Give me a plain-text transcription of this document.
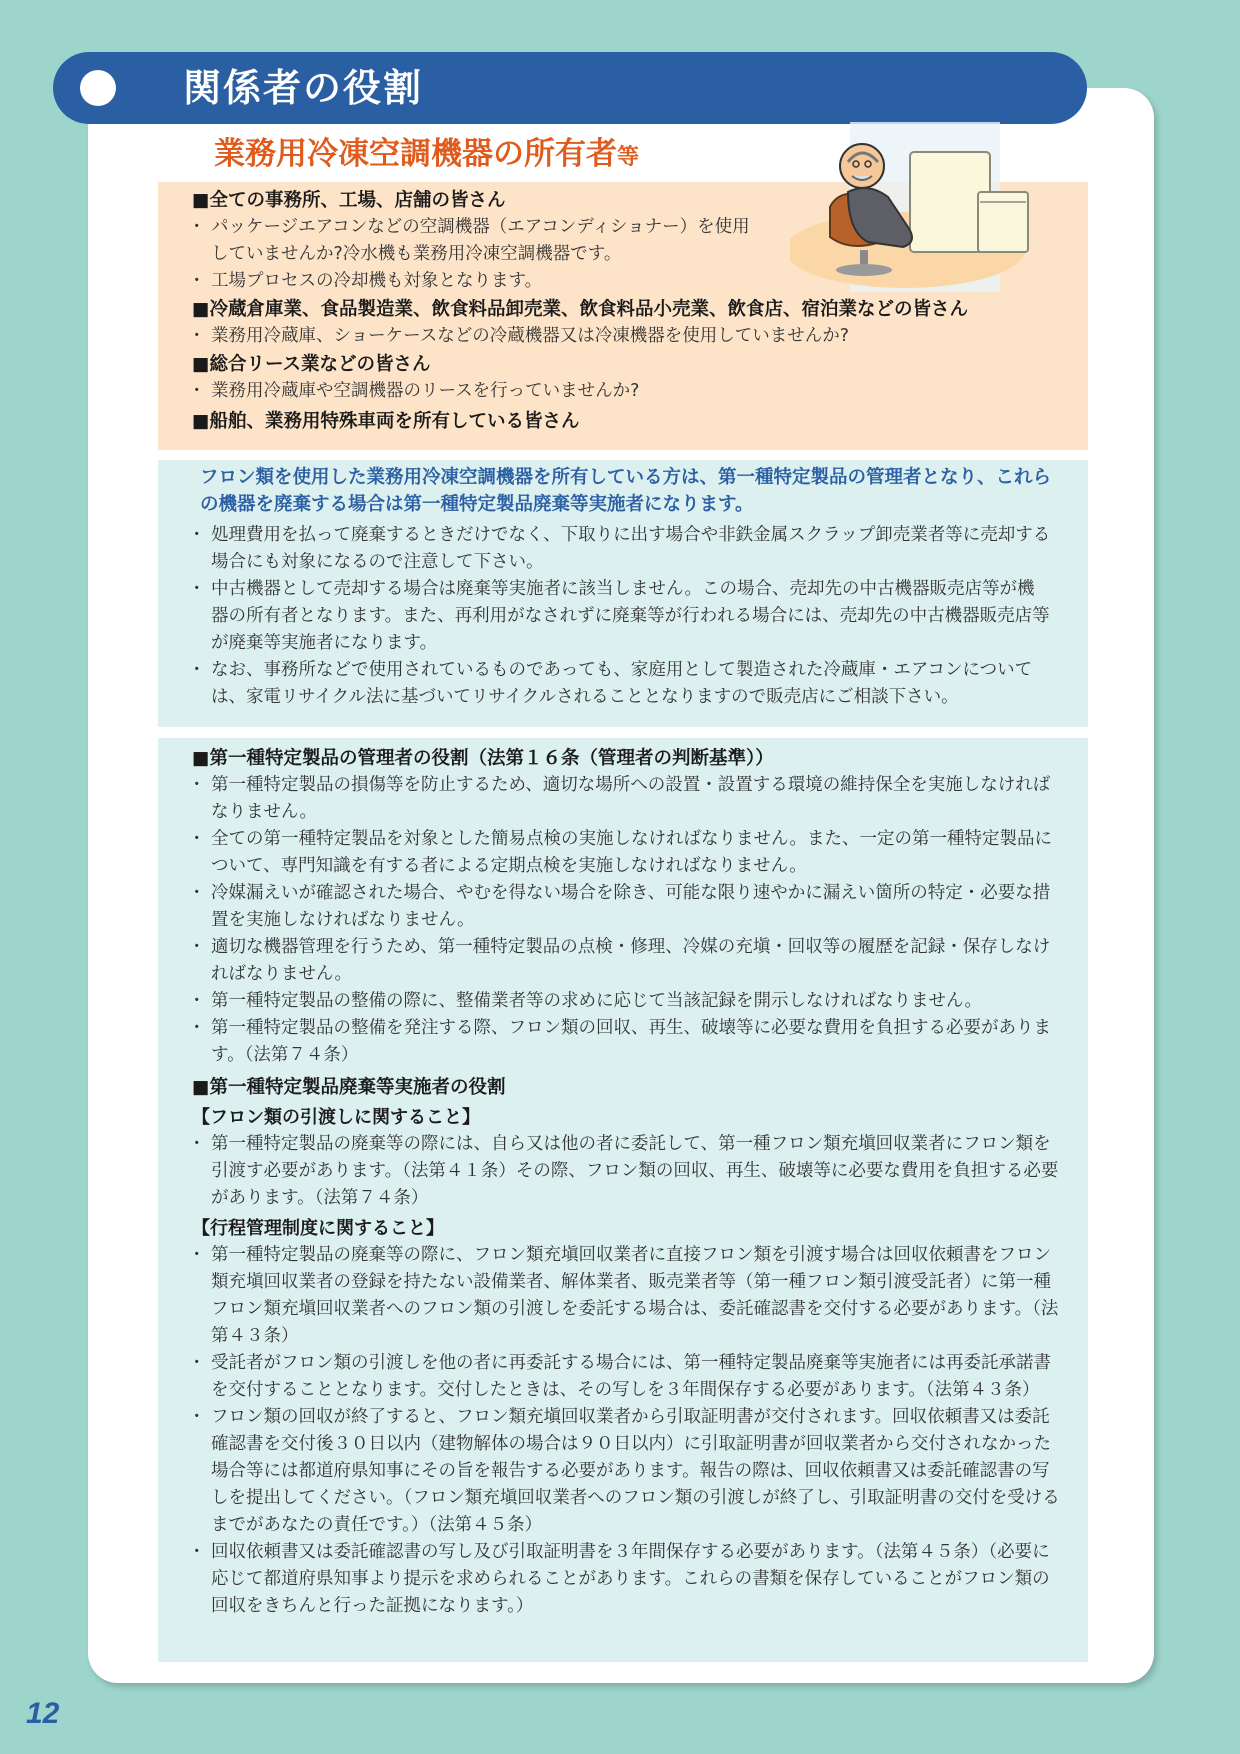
関係者の役割
業務用冷凍空調機器の所有者等
■全ての事務所、工場、店舗の皆さん
・ パッケージエアコンなどの空調機器（エアコンディショナー）を使用していませんか?冷水機も業務用冷凍空調機器です。
・ 工場プロセスの冷却機も対象となります。
■冷蔵倉庫業、食品製造業、飲食料品卸売業、飲食料品小売業、飲食店、宿泊業などの皆さん
・ 業務用冷蔵庫、ショーケースなどの冷蔵機器又は冷凍機器を使用していませんか?
■総合リース業などの皆さん
・ 業務用冷蔵庫や空調機器のリースを行っていませんか?
■船舶、業務用特殊車両を所有している皆さん
フロン類を使用した業務用冷凍空調機器を所有している方は、第一種特定製品の管理者となり、これらの機器を廃棄する場合は第一種特定製品廃棄等実施者になります。
・ 処理費用を払って廃棄するときだけでなく、下取りに出す場合や非鉄金属スクラップ卸売業者等に売却する場合にも対象になるので注意して下さい。
・ 中古機器として売却する場合は廃棄等実施者に該当しません。この場合、売却先の中古機器販売店等が機器の所有者となります。また、再利用がなされずに廃棄等が行われる場合には、売却先の中古機器販売店等が廃棄等実施者になります。
・ なお、事務所などで使用されているものであっても、家庭用として製造された冷蔵庫・エアコンについては、家電リサイクル法に基づいてリサイクルされることとなりますので販売店にご相談下さい。
■第一種特定製品の管理者の役割（法第１６条（管理者の判断基準））
・ 第一種特定製品の損傷等を防止するため、適切な場所への設置・設置する環境の維持保全を実施しなければなりません。
・ 全ての第一種特定製品を対象とした簡易点検の実施しなければなりません。また、一定の第一種特定製品について、専門知識を有する者による定期点検を実施しなければなりません。
・ 冷媒漏えいが確認された場合、やむを得ない場合を除き、可能な限り速やかに漏えい箇所の特定・必要な措置を実施しなければなりません。
・ 適切な機器管理を行うため、第一種特定製品の点検・修理、冷媒の充塡・回収等の履歴を記録・保存しなければなりません。
・ 第一種特定製品の整備の際に、整備業者等の求めに応じて当該記録を開示しなければなりません。
・ 第一種特定製品の整備を発注する際、フロン類の回収、再生、破壊等に必要な費用を負担する必要があります。（法第７４条）
■第一種特定製品廃棄等実施者の役割
【フロン類の引渡しに関すること】
・ 第一種特定製品の廃棄等の際には、自ら又は他の者に委託して、第一種フロン類充塡回収業者にフロン類を引渡す必要があります。（法第４１条）その際、フロン類の回収、再生、破壊等に必要な費用を負担する必要があります。（法第７４条）
【行程管理制度に関すること】
・ 第一種特定製品の廃棄等の際に、フロン類充塡回収業者に直接フロン類を引渡す場合は回収依頼書をフロン類充塡回収業者の登録を持たない設備業者、解体業者、販売業者等（第一種フロン類引渡受託者）に第一種フロン類充塡回収業者へのフロン類の引渡しを委託する場合は、委託確認書を交付する必要があります。（法第４３条）
・ 受託者がフロン類の引渡しを他の者に再委託する場合には、第一種特定製品廃棄等実施者には再委託承諾書を交付することとなります。交付したときは、その写しを３年間保存する必要があります。（法第４３条）
・ フロン類の回収が終了すると、フロン類充塡回収業者から引取証明書が交付されます。回収依頼書又は委託確認書を交付後３０日以内（建物解体の場合は９０日以内）に引取証明書が回収業者から交付されなかった場合等には都道府県知事にその旨を報告する必要があります。報告の際は、回収依頼書又は委託確認書の写しを提出してください。（フロン類充塡回収業者へのフロン類の引渡しが終了し、引取証明書の交付を受けるまでがあなたの責任です。）（法第４５条）
・ 回収依頼書又は委託確認書の写し及び引取証明書を３年間保存する必要があります。（法第４５条）（必要に応じて都道府県知事より提示を求められることがあります。これらの書類を保存していることがフロン類の回収をきちんと行った証拠になります。）
12
